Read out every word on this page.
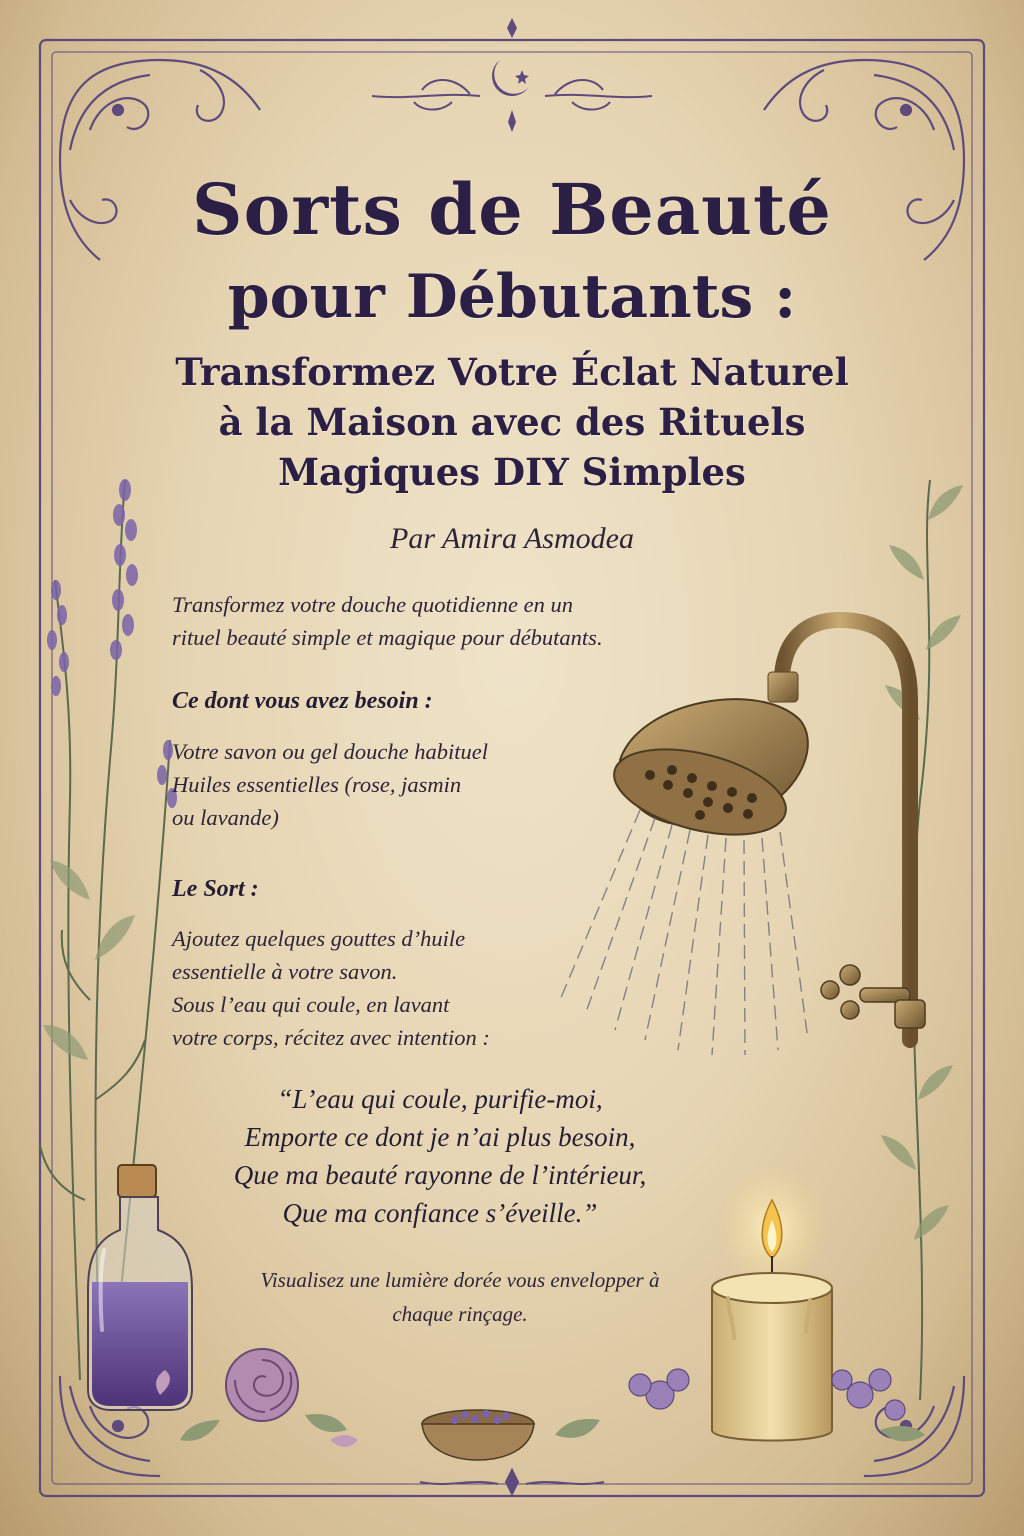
Sorts de Beauté
pour Débutants :
Transformez Votre Éclat Naturel
à la Maison avec des Rituels
Magiques DIY Simples
Par Amira Asmodea
Transformez votre douche quotidienne en un
rituel beauté simple et magique pour débutants.
Ce dont vous avez besoin :
Votre savon ou gel douche habituel
Huiles essentielles (rose, jasmin
ou lavande)
Le Sort :
Ajoutez quelques gouttes d’huile
essentielle à votre savon.
Sous l’eau qui coule, en lavant
votre corps, récitez avec intention :
“L’eau qui coule, purifie-moi,
Emporte ce dont je n’ai plus besoin,
Que ma beauté rayonne de l’intérieur,
Que ma confiance s’éveille.”
Visualisez une lumière dorée vous envelopper à
chaque rinçage.
